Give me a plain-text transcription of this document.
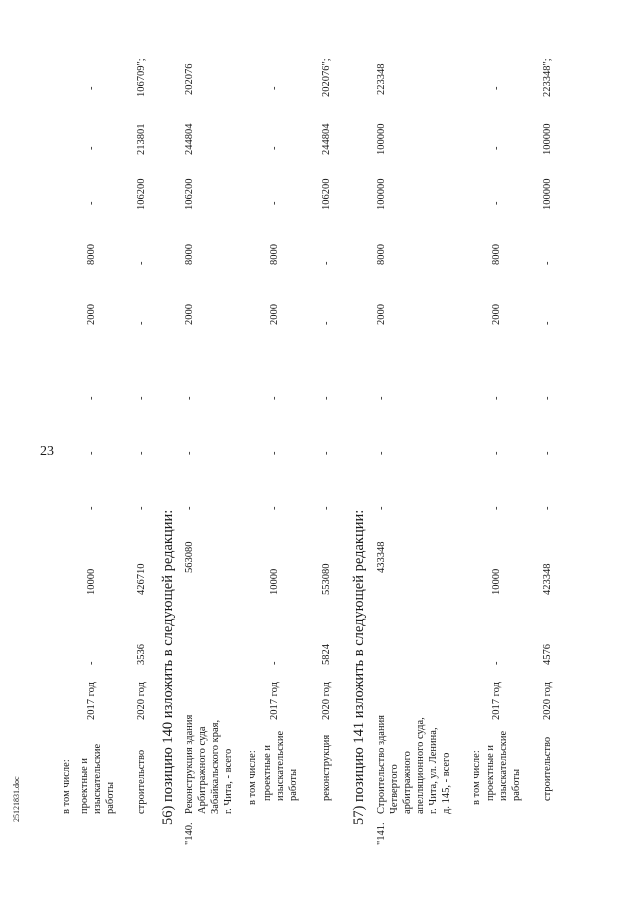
23
25121831.doc	в том числе: проектные и изыскательские работы
2017 год
-
10000
-
-
-
2000
8000
-
-
-
строительство
2020 год
3536
426710
-
-
-
-
-
106200
213801
106709";
56) позицию 140 изложить в следующей редакции:
"140.
Реконструкция здания Арбитражного суда Забайкальского края, г. Чита, - всего
563080
-
-
-
2000
8000
106200
244804
202076
в том числе: проектные и изыскательские работы
2017 год
-
10000
-
-
-
2000
8000
-
-
-
реконструкция
2020 год
5824
553080
-
-
-
-
-
106200
244804
202076";
57) позицию 141 изложить в следующей редакции:
"141.
Строительство здания Четвертого арбитражного апелляционного суда, г. Чита, ул. Ленина, д. 145, - всего
433348
-
-
-
2000
8000
100000
100000
223348
в том числе: проектные и изыскательские работы
2017 год
-
10000
-
-
-
2000
8000
-
-
-
строительство
2020 год
4576
423348
-
-
-
-
-
100000
100000
223348";
